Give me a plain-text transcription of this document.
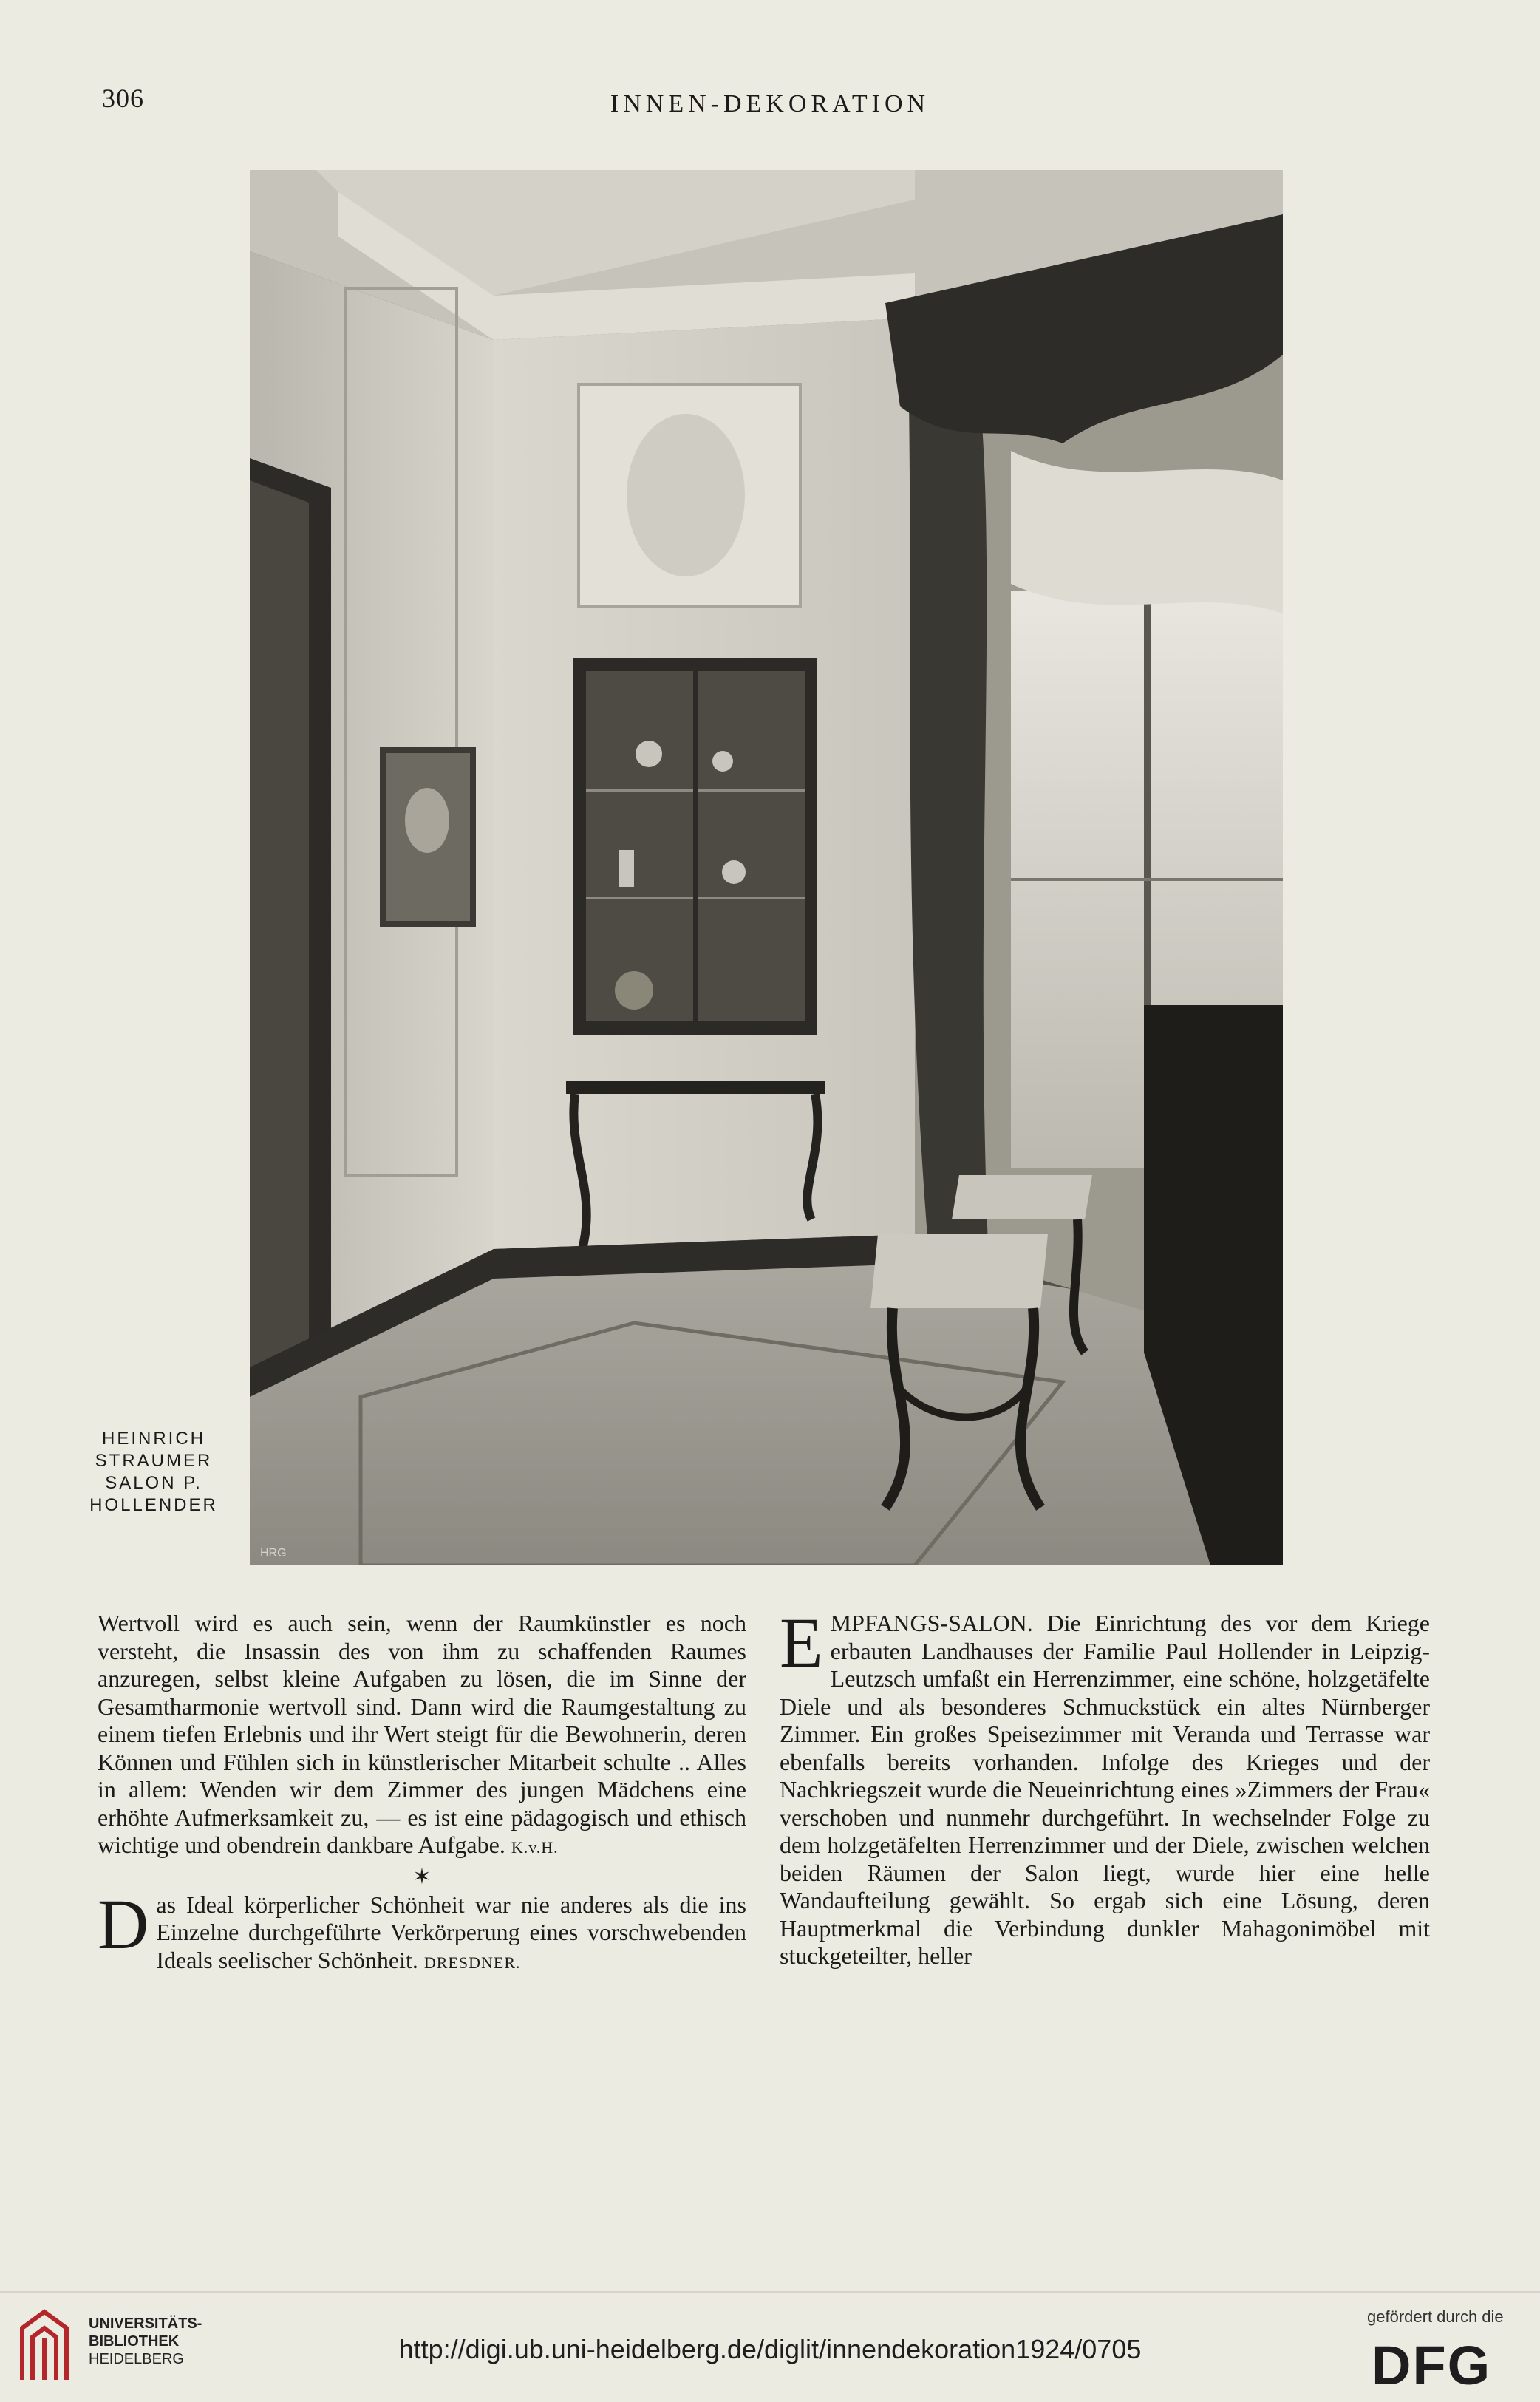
306	INNEN-DEKORATION
HRG
HEINRICH
STRAUMER
SALON P.
HOLLENDER

Wertvoll wird es auch sein, wenn der Raumkünstler es noch versteht, die Insassin des von ihm zu schaffenden Raumes anzuregen, selbst kleine Aufgaben zu lösen, die im Sinne der Gesamtharmonie wertvoll sind. Dann wird die Raumgestaltung zu einem tiefen Erlebnis und ihr Wert steigt für die Bewohnerin, deren Können und Fühlen sich in künstlerischer Mitarbeit schulte .. Alles in allem: Wenden wir dem Zimmer des jungen Mädchens eine erhöhte Aufmerksamkeit zu, — es ist eine pädagogisch und ethisch wichtige und obendrein dankbare Aufgabe. K.v.H.

✶

D as Ideal körperlicher Schönheit war nie anderes als die ins Einzelne durchgeführte Verkörperung eines vorschwebenden Ideals seelischer Schönheit. DRESDNER.

E MPFANGS-SALON. Die Einrichtung des vor dem Kriege erbauten Landhauses der Familie Paul Hollender in Leipzig-Leutzsch umfaßt ein Herrenzimmer, eine schöne, holzgetäfelte Diele und als besonderes Schmuckstück ein altes Nürnberger Zimmer. Ein großes Speisezimmer mit Veranda und Terrasse war ebenfalls bereits vorhanden. Infolge des Krieges und der Nachkriegszeit wurde die Neueinrichtung eines »Zimmers der Frau« verschoben und nunmehr durchgeführt. In wechselnder Folge zu dem holzgetäfelten Herrenzimmer und der Diele, zwischen welchen beiden Räumen der Salon liegt, wurde hier eine helle Wandaufteilung gewählt. So ergab sich eine Lösung, deren Hauptmerkmal die Verbindung dunkler Mahagonimöbel mit stuckgeteilter, heller

UNIVERSITÄTS-
BIBLIOTHEK
HEIDELBERG	http://digi.ub.uni-heidelberg.de/diglit/innendekoration1924/0705
gefördert durch die
DFG
